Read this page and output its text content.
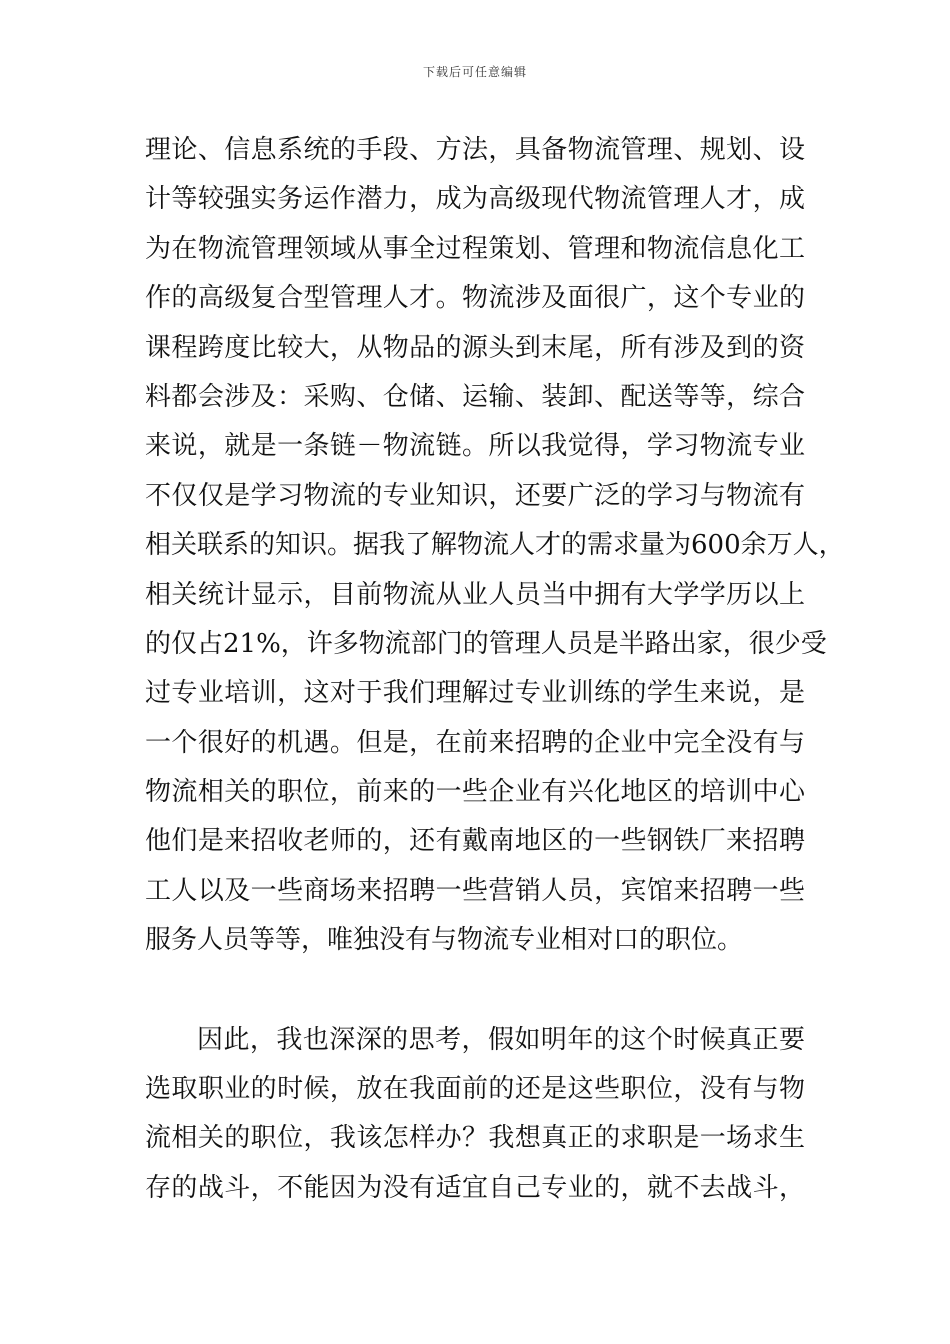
下载后可任意编辑
理论、信息系统的手段、方法，具备物流管理、规划、设
计等较强实务运作潜力，成为高级现代物流管理人才，成
为在物流管理领域从事全过程策划、管理和物流信息化工
作的高级复合型管理人才。物流涉及面很广，这个专业的
课程跨度比较大，从物品的源头到末尾，所有涉及到的资
料都会涉及：采购、仓储、运输、装卸、配送等等，综合
来说，就是一条链－物流链。所以我觉得，学习物流专业
不仅仅是学习物流的专业知识，还要广泛的学习与物流有
相关联系的知识。据我了解物流人才的需求量为600余万人，
相关统计显示，目前物流从业人员当中拥有大学学历以上
的仅占21%，许多物流部门的管理人员是半路出家，很少受
过专业培训，这对于我们理解过专业训练的学生来说，是
一个很好的机遇。但是，在前来招聘的企业中完全没有与
物流相关的职位，前来的一些企业有兴化地区的培训中心
他们是来招收老师的，还有戴南地区的一些钢铁厂来招聘
工人以及一些商场来招聘一些营销人员，宾馆来招聘一些
服务人员等等，唯独没有与物流专业相对口的职位。
因此，我也深深的思考，假如明年的这个时候真正要
选取职业的时候，放在我面前的还是这些职位，没有与物
流相关的职位，我该怎样办？我想真正的求职是一场求生
存的战斗，不能因为没有适宜自己专业的，就不去战斗，
